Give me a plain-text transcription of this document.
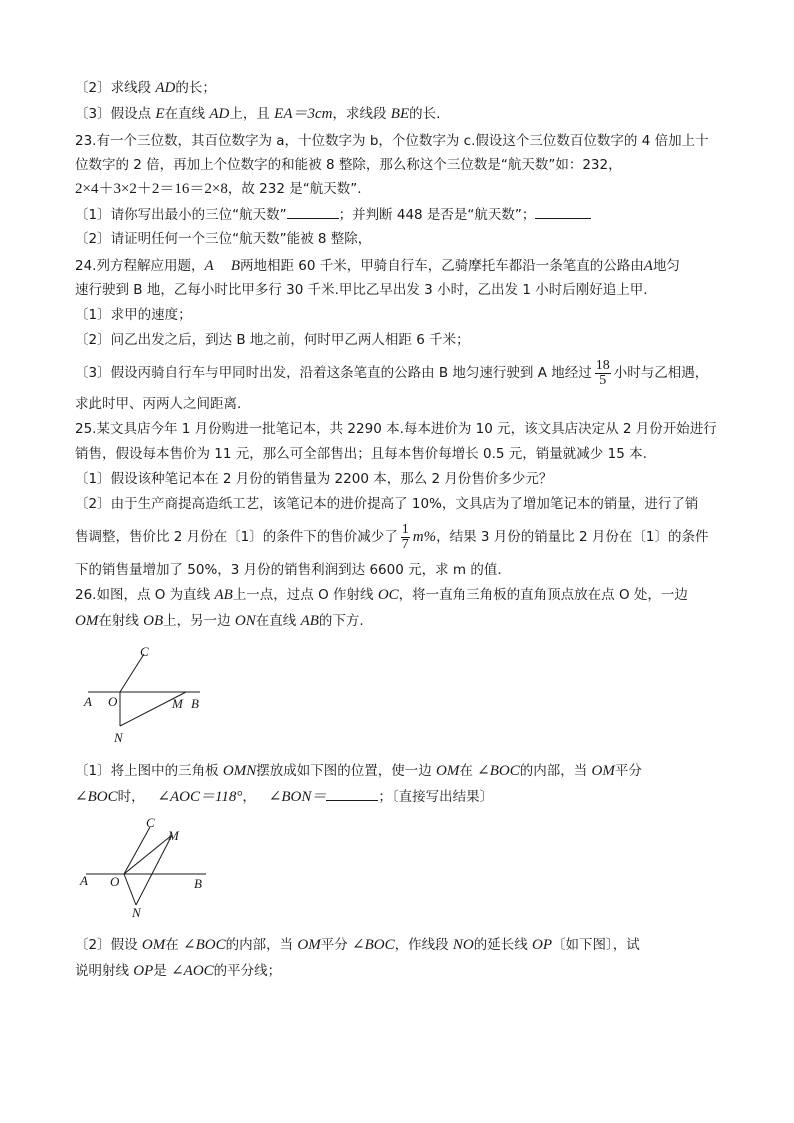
〔2〕求线段 AD的长；
〔3〕假设点 E在直线 AD上，且 EA＝3cm，求线段 BE的长.
23.有一个三位数，其百位数字为 a，十位数字为 b，个位数字为 c.假设这个三位数百位数字的 4 倍加上十
位数字的 2 倍，再加上个位数字的和能被 8 整除，那么称这个三位数是“航天数”如：232，
2×4＋3×2＋2＝16＝2×8，故 232 是“航天数”.
〔1〕请你写出最小的三位“航天数”	；并判断 448 是否是“航天数”；
〔2〕请证明任何一个三位“航天数”能被 8 整除，
24.列方程解应用题，A B两地相距 60 千米，甲骑自行车，乙骑摩托车都沿一条笔直的公路由A地匀
速行驶到 B 地，乙每小时比甲多行 30 千米.甲比乙早出发 3 小时，乙出发 1 小时后刚好追上甲.
〔1〕求甲的速度；
〔2〕问乙出发之后，到达 B 地之前，何时甲乙两人相距 6 千米；
〔3〕假设丙骑自行车与甲同时出发，沿着这条笔直的公路由 B 地匀速行驶到 A 地经过 $\frac{18}{5}$ 小时与乙相遇，
求此时甲、丙两人之间距离.
25.某文具店今年 1 月份购进一批笔记本，共 2290 本.每本进价为 10 元，该文具店决定从 2 月份开始进行
销售，假设每本售价为 11 元，那么可全部售出；且每本售价每增长 0.5 元，销量就减少 15 本.
〔1〕假设该种笔记本在 2 月份的销售量为 2200 本，那么 2 月份售价多少元？
〔2〕由于生产商提高造纸工艺，该笔记本的进价提高了 10%，文具店为了增加笔记本的销量，进行了销
售调整，售价比 2 月份在〔1〕的条件下的售价减少了 $\frac{1}{7} m\%$，结果 3 月份的销量比 2 月份在〔1〕的条件
下的销售量增加了 50%，3 月份的销售利润到达 6600 元，求 m 的值.
26.如图，点 O 为直线 AB上一点，过点 O 作射线 OC，将一直角三角板的直角顶点放在点 O 处，一边
OM在射线 OB上，另一边 ON在直线 AB的下方.
C
A O	M B
N
〔1〕将上图中的三角板 OMN摆放成如下图的位置，使一边 OM在 ∠BOC的内部，当 OM平分
∠BOC时， ∠AOC＝118°， ∠BON＝	；〔直接写出结果〕
C
M
A O	B
N
〔2〕假设 OM在 ∠BOC的内部，当 OM平分 ∠BOC，作线段 NO的延长线 OP〔如下图〕，试
说明射线 OP是 ∠AOC的平分线；
